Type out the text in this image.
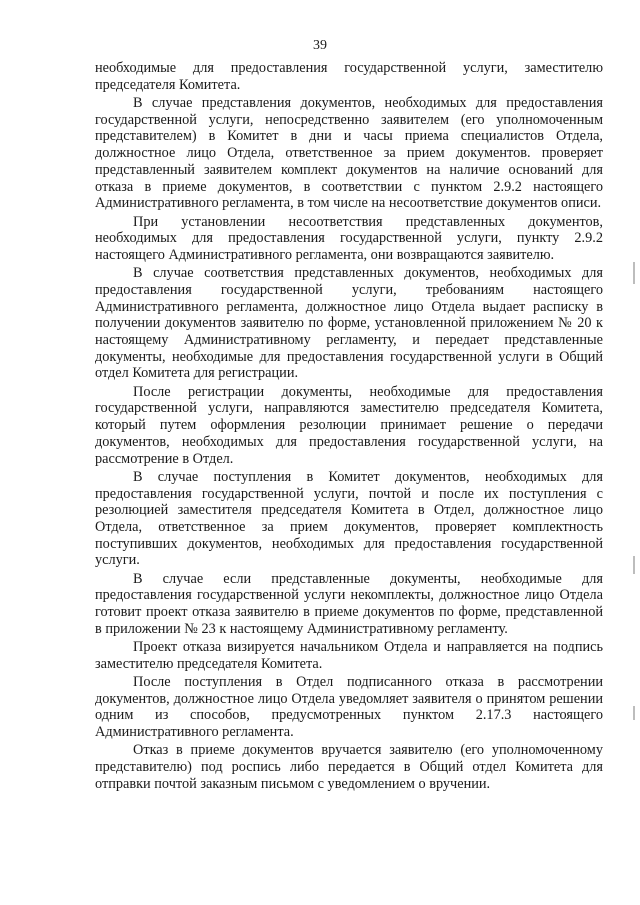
39

необходимые для предоставления государственной услуги, заместителю председателя Комитета.

В случае представления документов, необходимых для предоставления государственной услуги, непосредственно заявителем (его уполномоченным представителем) в Комитет в дни и часы приема специалистов Отдела, должностное лицо Отдела, ответственное за прием документов. проверяет представленный заявителем комплект документов на наличие оснований для отказа в приеме документов, в соответствии с пунктом 2.9.2 настоящего Административного регламента, в том числе на несоответствие документов описи.

При установлении несоответствия представленных документов, необходимых для предоставления государственной услуги, пункту 2.9.2 настоящего Административного регламента, они возвращаются заявителю.

В случае соответствия представленных документов, необходимых для предоставления государственной услуги, требованиям настоящего Административного регламента, должностное лицо Отдела выдает расписку в получении документов заявителю по форме, установленной приложением № 20 к настоящему Административному регламенту, и передает представленные документы, необходимые для предоставления государственной услуги в Общий отдел Комитета для регистрации.

После регистрации документы, необходимые для предоставления государственной услуги, направляются заместителю председателя Комитета, который путем оформления резолюции принимает решение о передачи документов, необходимых для предоставления государственной услуги, на рассмотрение в Отдел.

В случае поступления в Комитет документов, необходимых для предоставления государственной услуги, почтой и после их поступления с резолюцией заместителя председателя Комитета в Отдел, должностное лицо Отдела, ответственное за прием документов, проверяет комплектность поступивших документов, необходимых для предоставления государственной услуги.

В случае если представленные документы, необходимые для предоставления государственной услуги некомплекты, должностное лицо Отдела готовит проект отказа заявителю в приеме документов по форме, представленной в приложении № 23 к настоящему Административному регламенту.

Проект отказа визируется начальником Отдела и направляется на подпись заместителю председателя Комитета.

После поступления в Отдел подписанного отказа в рассмотрении документов, должностное лицо Отдела уведомляет заявителя о принятом решении одним из способов, предусмотренных пунктом 2.17.3 настоящего Административного регламента.

Отказ в приеме документов вручается заявителю (его уполномоченному представителю) под роспись либо передается в Общий отдел Комитета для отправки почтой заказным письмом с уведомлением о вручении.
